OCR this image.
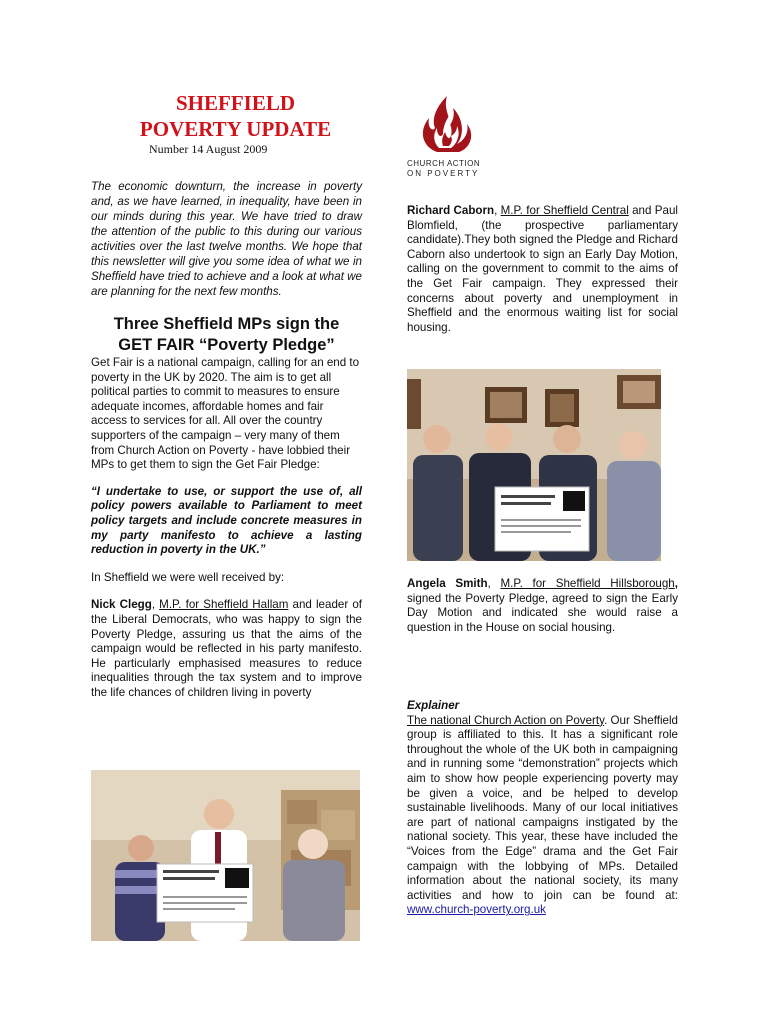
SHEFFIELD
POVERTY UPDATE
Number 14 August 2009

The economic downturn, the increase in poverty and, as we have learned, in inequality, have been in our minds during this year. We have tried to draw the attention of the public to this during our various activities over the last twelve months. We hope that this newsletter will give you some idea of what we in Sheffield have tried to achieve and a look at what we are planning for the next few months.

Three Sheffield MPs sign the
GET FAIR “Poverty Pledge”

Get Fair is a national campaign, calling for an end to poverty in the UK by 2020. The aim is to get all political parties to commit to measures to ensure adequate incomes, affordable homes and fair access to services for all. All over the country supporters of the campaign – very many of them from Church Action on Poverty - have lobbied their MPs to get them to sign the Get Fair Pledge:

“I undertake to use, or support the use of, all policy powers available to Parliament to meet policy targets and include concrete measures in my party manifesto to achieve a lasting reduction in poverty in the UK.”

In Sheffield we were well received by:

Nick Clegg, M.P. for Sheffield Hallam and leader of the Liberal Democrats, who was happy to sign the Poverty Pledge, assuring us that the aims of the campaign would be reflected in his party manifesto. He particularly emphasised measures to reduce inequalities through the tax system and to improve the life chances of children living in poverty

CHURCH ACTION
ON POVERTY

Richard Caborn, M.P. for Sheffield Central and Paul Blomfield, (the prospective parliamentary candidate).They both signed the Pledge and Richard Caborn also undertook to sign an Early Day Motion, calling on the government to commit to the aims of the Get Fair campaign. They expressed their concerns about poverty and unemployment in Sheffield and the enormous waiting list for social housing.

Angela Smith, M.P. for Sheffield Hillsborough, signed the Poverty Pledge, agreed to sign the Early Day Motion and indicated she would raise a question in the House on social housing.

Explainer

The national Church Action on Poverty. Our Sheffield group is affiliated to this. It has a significant role throughout the whole of the UK both in campaigning and in running some “demonstration” projects which aim to show how people experiencing poverty may be given a voice, and be helped to develop sustainable livelihoods. Many of our local initiatives are part of national campaigns instigated by the national society. This year, these have included the “Voices from the Edge” drama and the Get Fair campaign with the lobbying of MPs. Detailed information about the national society, its many activities and how to join can be found at: www.church-poverty.org.uk
